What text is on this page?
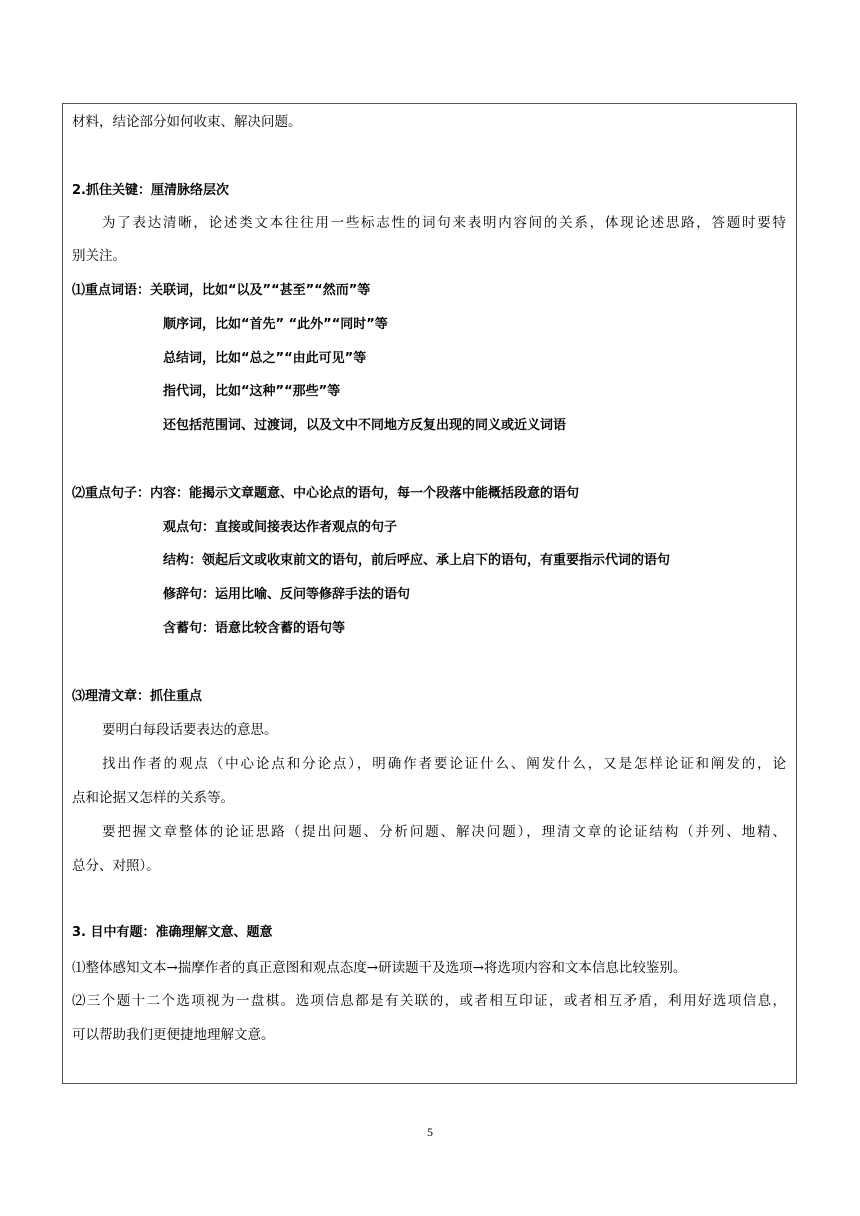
材料，结论部分如何收束、解决问题。
2.抓住关键：厘清脉络层次
为了表达清晰，论述类文本往往用一些标志性的词句来表明内容间的关系，体现论述思路，答题时要特
别关注。
⑴重点词语：关联词，比如“以及”“甚至”“然而”等
顺序词，比如“首先” “此外”“同时”等
总结词，比如“总之”“由此可见”等
指代词，比如“这种”“那些”等
还包括范围词、过渡词，以及文中不同地方反复出现的同义或近义词语
⑵重点句子：内容：能揭示文章题意、中心论点的语句，每一个段落中能概括段意的语句
观点句：直接或间接表达作者观点的句子
结构：领起后文或收束前文的语句，前后呼应、承上启下的语句，有重要指示代词的语句
修辞句：运用比喻、反问等修辞手法的语句
含蓄句：语意比较含蓄的语句等
⑶理清文章：抓住重点
要明白每段话要表达的意思。
找出作者的观点（中心论点和分论点），明确作者要论证什么、阐发什么，又是怎样论证和阐发的，论
点和论据又怎样的关系等。
要把握文章整体的论证思路（提出问题、分析问题、解决问题），理清文章的论证结构（并列、地精、
总分、对照）。
3. 目中有题：准确理解文意、题意
⑴整体感知文本→揣摩作者的真正意图和观点态度→研读题干及选项→将选项内容和文本信息比较鉴别。
⑵三个题十二个选项视为一盘棋。选项信息都是有关联的，或者相互印证，或者相互矛盾，利用好选项信息，
可以帮助我们更便捷地理解文意。
5
